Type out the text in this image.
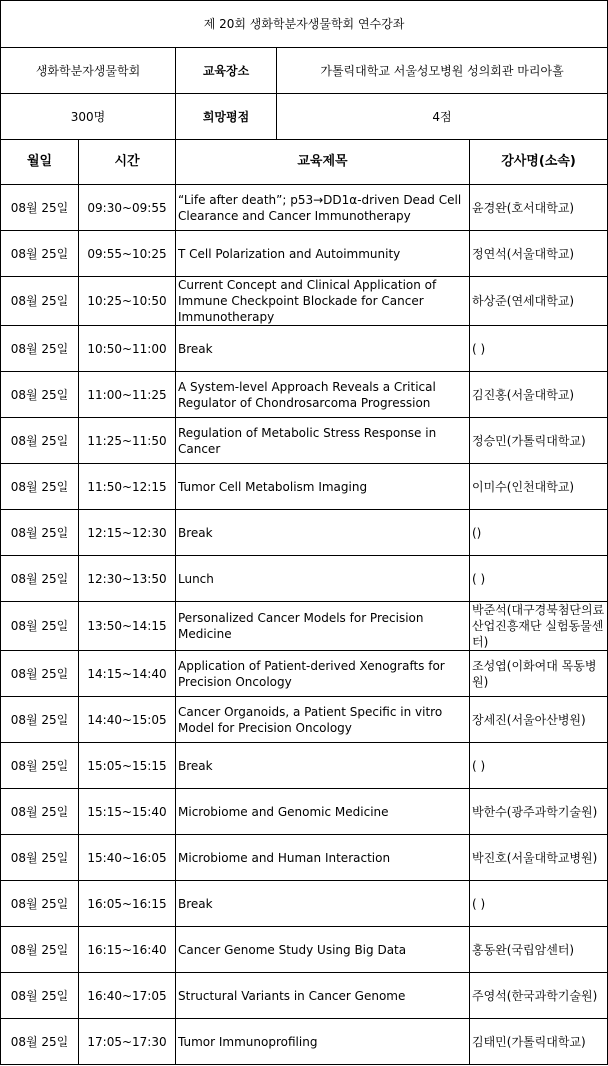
제 20회 생화학분자생물학회 연수강좌				
생화학분자생물학회		교육장소	가톨릭대학교 서울성모병원 성의회관 마리아홀	
300명		희망평점	4점	
월일	시간	교육제목		강사명(소속)
08월 25일	09:30~09:55	“Life after death”; p53→DD1α-driven Dead Cell Clearance and Cancer Immunotherapy		윤경완(호서대학교)
08월 25일	09:55~10:25	T Cell Polarization and Autoimmunity		정연석(서울대학교)
08월 25일	10:25~10:50	Current Concept and Clinical Application of Immune Checkpoint Blockade for Cancer Immunotherapy		하상준(연세대학교)
08월 25일	10:50~11:00	Break		( )
08월 25일	11:00~11:25	A System-level Approach Reveals a Critical Regulator of Chondrosarcoma Progression		김진홍(서울대학교)
08월 25일	11:25~11:50	Regulation of Metabolic Stress Response in Cancer		정승민(가톨릭대학교)
08월 25일	11:50~12:15	Tumor Cell Metabolism Imaging		이미수(인천대학교)
08월 25일	12:15~12:30	Break		()
08월 25일	12:30~13:50	Lunch		( )
08월 25일	13:50~14:15	Personalized Cancer Models for Precision Medicine		박준석(대구경북첨단의료산업진흥재단 실험동물센터)
08월 25일	14:15~14:40	Application of Patient-derived Xenografts for Precision Oncology		조성엽(이화여대 목동병원)
08월 25일	14:40~15:05	Cancer Organoids, a Patient Specific in vitro Model for Precision Oncology		장세진(서울아산병원)
08월 25일	15:05~15:15	Break		( )
08월 25일	15:15~15:40	Microbiome and Genomic Medicine		박한수(광주과학기술원)
08월 25일	15:40~16:05	Microbiome and Human Interaction		박진호(서울대학교병원)
08월 25일	16:05~16:15	Break		( )
08월 25일	16:15~16:40	Cancer Genome Study Using Big Data		홍동완(국립암센터)
08월 25일	16:40~17:05	Structural Variants in Cancer Genome		주영석(한국과학기술원)
08월 25일	17:05~17:30	Tumor Immunoprofiling		김태민(가톨릭대학교)
